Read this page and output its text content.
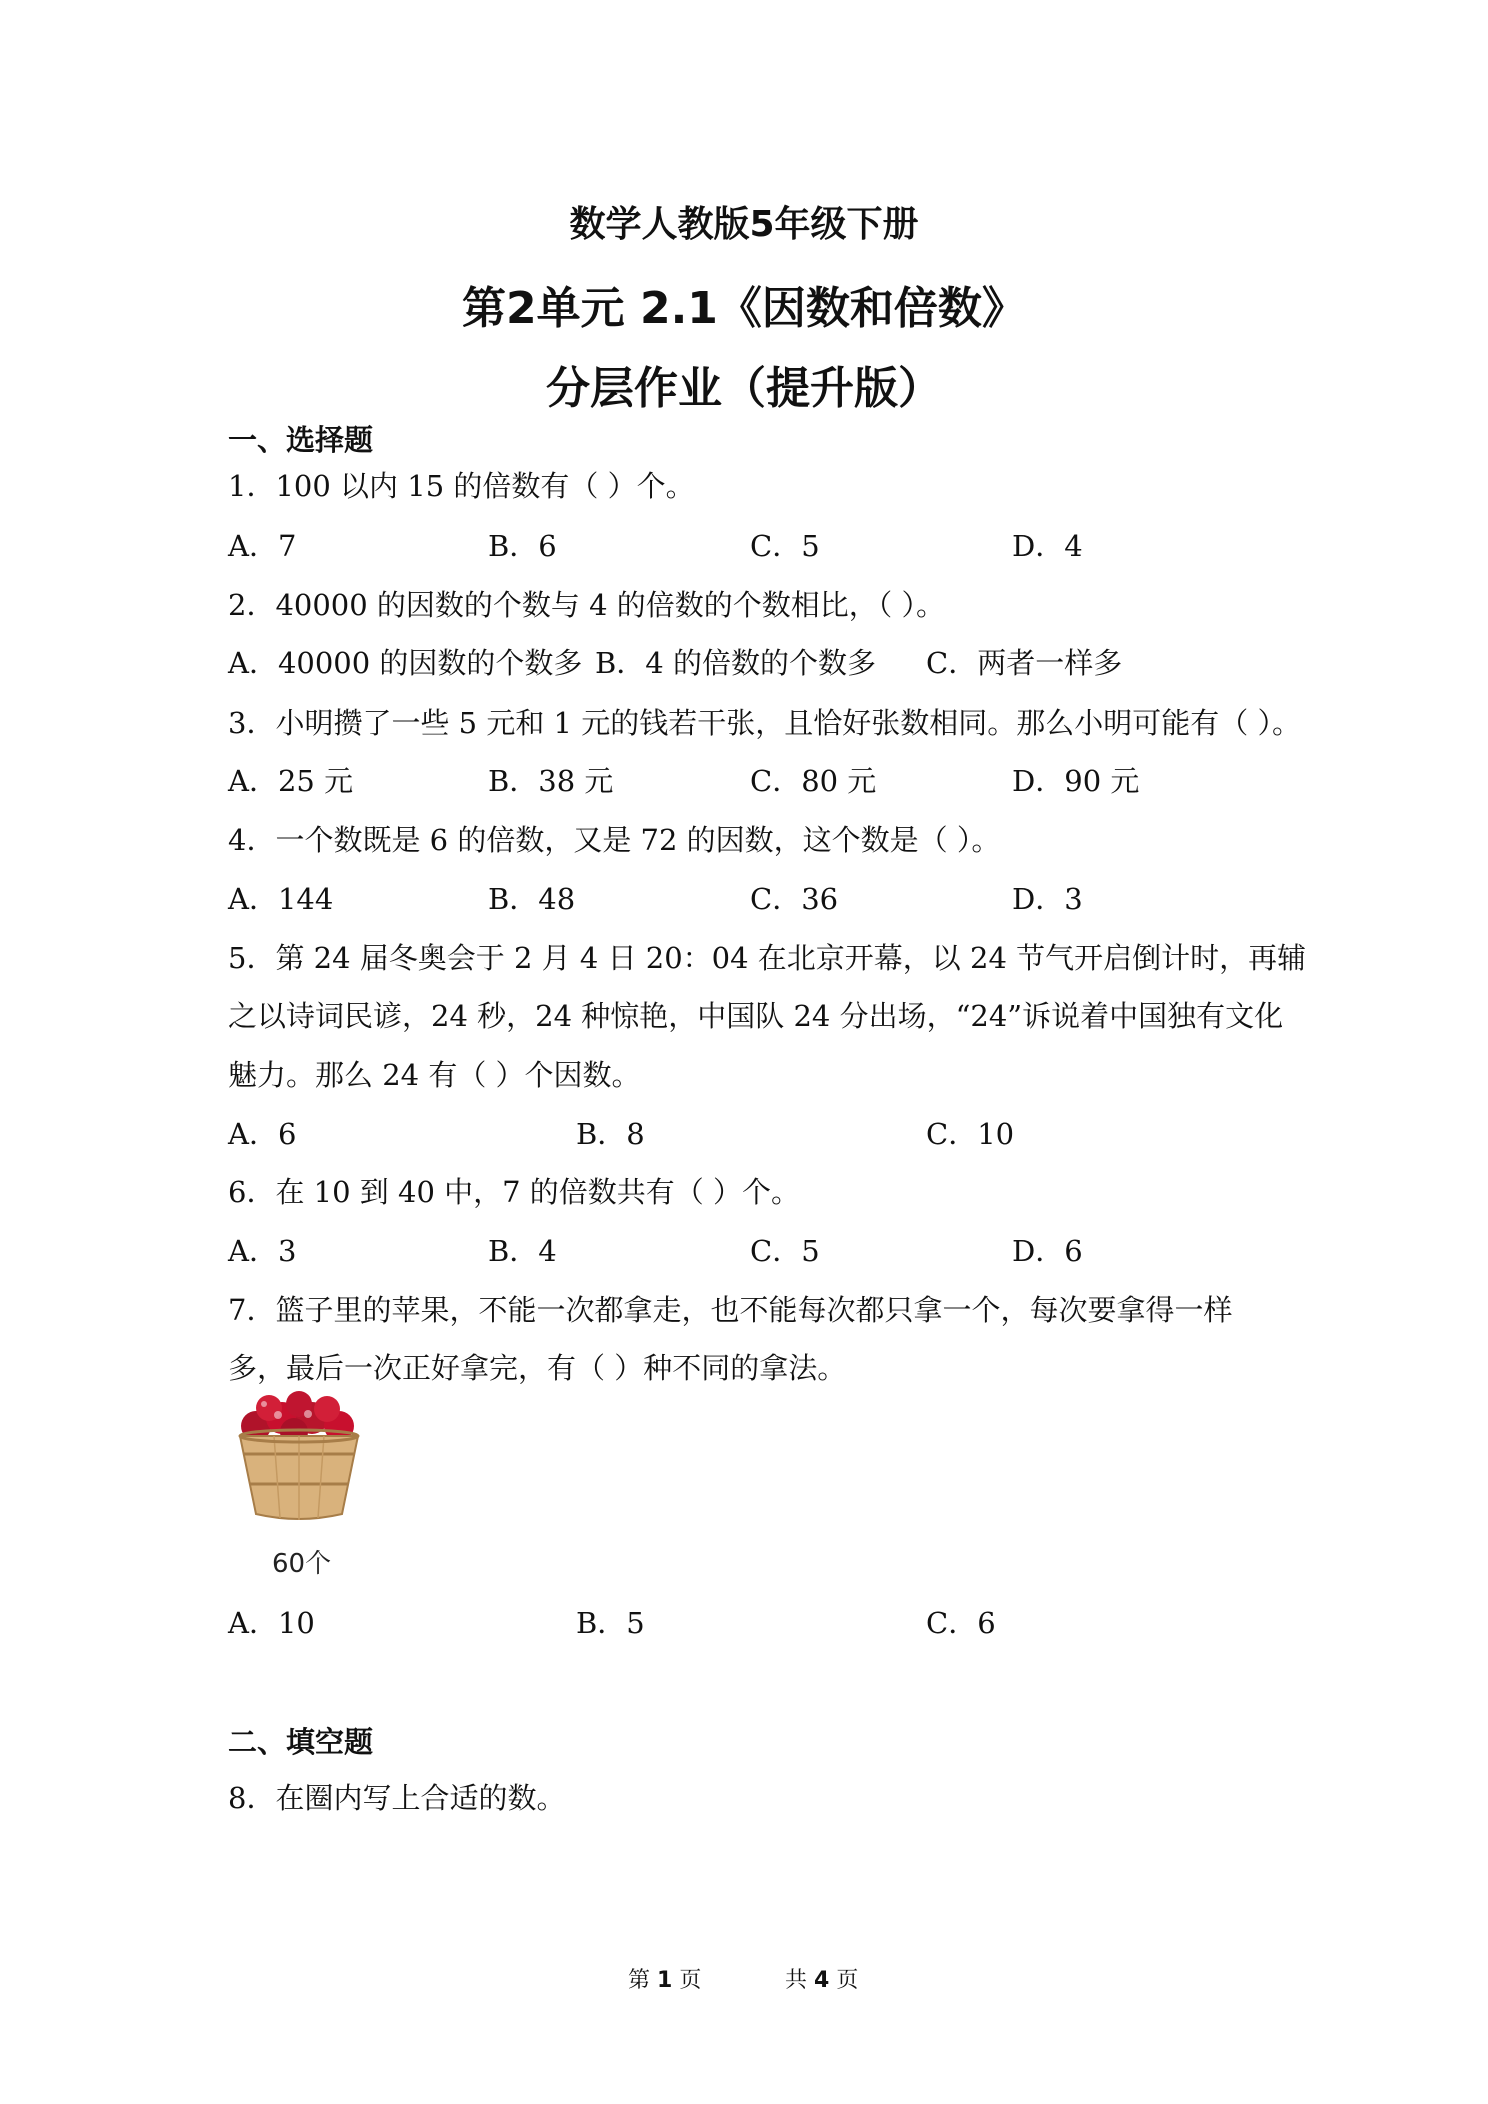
数学人教版5年级下册
第2单元 2.1《因数和倍数》
分层作业（提升版）
一、选择题
1．100 以内 15 的倍数有（ ）个。
A．7	B．6	C．5	D．4
2．40000 的因数的个数与 4 的倍数的个数相比，（ ）。
A．40000 的因数的个数多 B．4 的倍数的个数多 C．两者一样多
3．小明攒了一些 5 元和 1 元的钱若干张，且恰好张数相同。那么小明可能有（ ）。
A．25 元	B．38 元	C．80 元	D．90 元
4．一个数既是 6 的倍数，又是 72 的因数，这个数是（ ）。
A．144	B．48	C．36	D．3
5．第 24 届冬奥会于 2 月 4 日 20：04 在北京开幕，以 24 节气开启倒计时，再辅
之以诗词民谚，24 秒，24 种惊艳，中国队 24 分出场，“24”诉说着中国独有文化
魅力。那么 24 有（ ）个因数。
A．6	B．8	C．10
6．在 10 到 40 中，7 的倍数共有（ ）个。
A．3	B．4	C．5	D．6
7．篮子里的苹果，不能一次都拿走，也不能每次都只拿一个，每次要拿得一样
多，最后一次正好拿完，有（ ）种不同的拿法。
60个
A．10	B．5	C．6
二、填空题
8．在圈内写上合适的数。
第 1 页	共 4 页
